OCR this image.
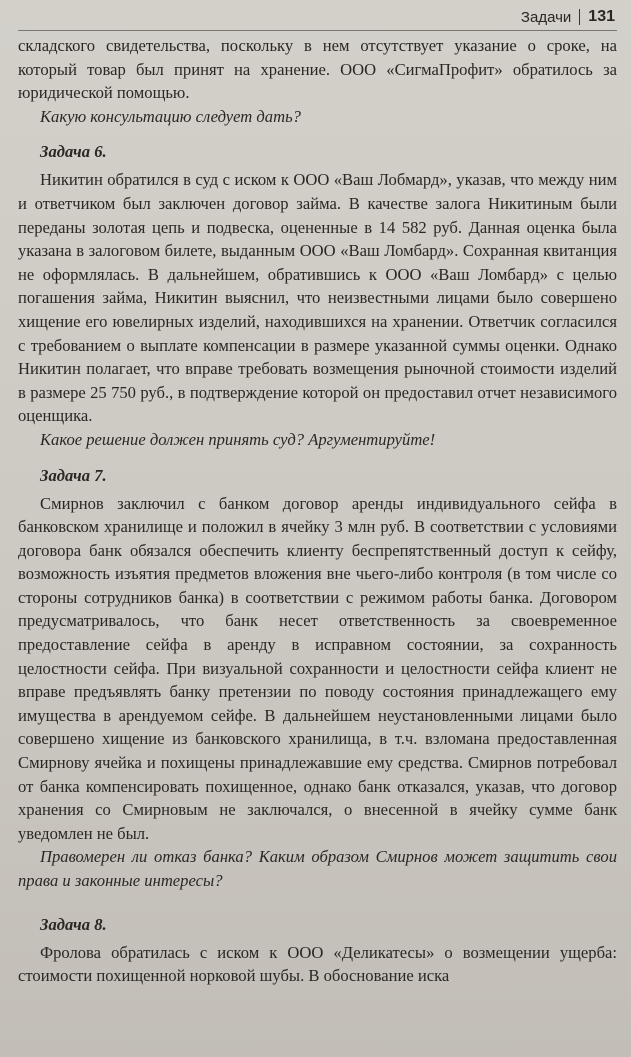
Задачи 131

складского свидетельства, поскольку в нем отсутствует указание о сроке, на который товар был принят на хранение. ООО «СигмаПрофит» обратилось за юридической помощью.

Какую консультацию следует дать?

Задача 6.

Никитин обратился в суд с иском к ООО «Ваш Лобмард», указав, что между ним и ответчиком был заключен договор займа. В качестве залога Никитиным были переданы золотая цепь и подвеска, оцененные в 14 582 руб. Данная оценка была указана в залоговом билете, выданным ООО «Ваш Ломбард». Сохранная квитанция не оформлялась. В дальнейшем, обратившись к ООО «Ваш Ломбард» с целью погашения займа, Никитин выяснил, что неизвестными лицами было совершено хищение его ювелирных изделий, находившихся на хранении. Ответчик согласился с требованием о выплате компенсации в размере указанной суммы оценки. Однако Никитин полагает, что вправе требовать возмещения рыночной стоимости изделий в размере 25 750 руб., в подтверждение которой он предоставил отчет независимого оценщика.

Какое решение должен принять суд? Аргументируйте!

Задача 7.

Смирнов заключил с банком договор аренды индивидуального сейфа в банковском хранилище и положил в ячейку 3 млн руб. В соответствии с условиями договора банк обязался обеспечить клиенту беспрепятственный доступ к сейфу, возможность изъятия предметов вложения вне чьего-либо контроля (в том числе со стороны сотрудников банка) в соответствии с режимом работы банка. Договором предусматривалось, что банк несет ответственность за своевременное предоставление сейфа в аренду в исправном состоянии, за сохранность целостности сейфа. При визуальной сохранности и целостности сейфа клиент не вправе предъявлять банку претензии по поводу состояния принадлежащего ему имущества в арендуемом сейфе. В дальнейшем неустановленными лицами было совершено хищение из банковского хранилища, в т.ч. взломана предоставленная Смирнову ячейка и похищены принадлежавшие ему средства. Смирнов потребовал от банка компенсировать похищенное, однако банк отказался, указав, что договор хранения со Смирновым не заключался, о внесенной в ячейку сумме банк уведомлен не был.

Правомерен ли отказ банка? Каким образом Смирнов может защитить свои права и законные интересы?

Задача 8.

Фролова обратилась с иском к ООО «Деликатесы» о возмещении ущерба: стоимости похищенной норковой шубы. В обоснование иска
